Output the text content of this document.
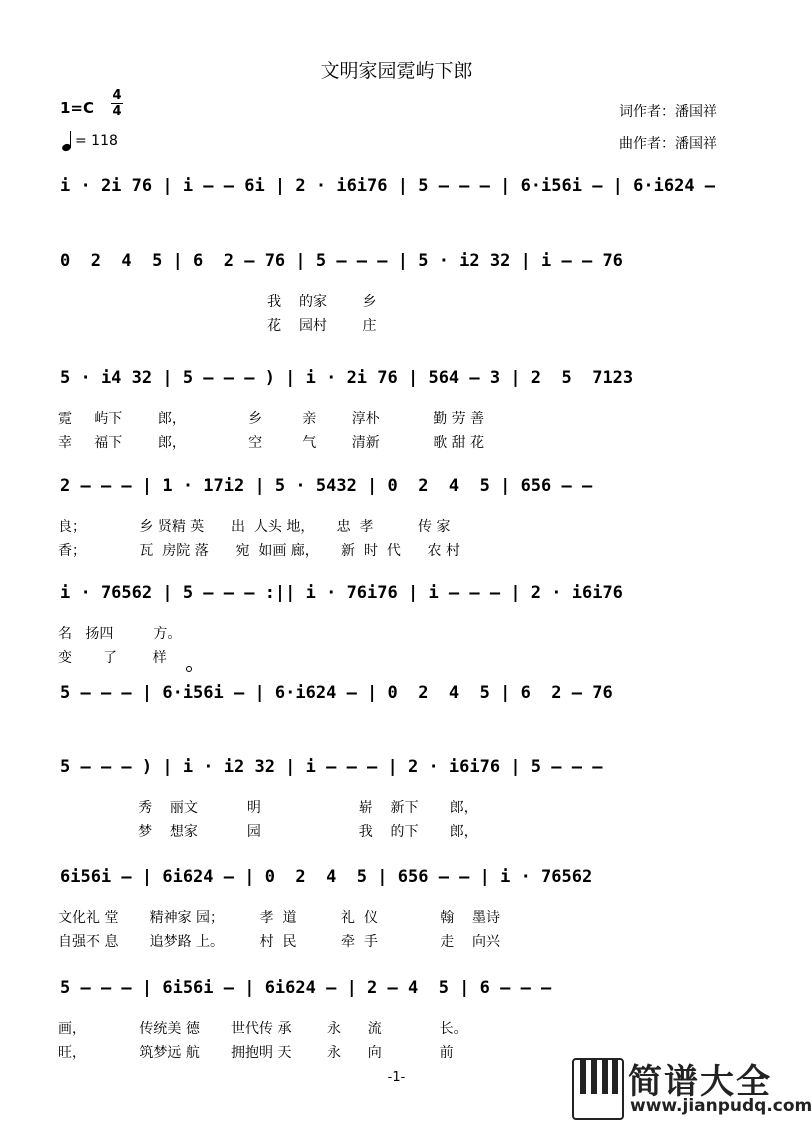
文明家园霓屿下郎
1=C
4
4
= 118
词作者：潘国祥
曲作者：潘国祥
i · 2i 76 | i — — 6i | 2 · i6i76 | 5 — — — | 6·i56i — | 6·i624 —
0  2  4  5 | 6  2 — 76 | 5 — — — | 5 · i2 32 | i — — 76
我    的家        乡
花    园村        庄
5 · i4 32 | 5 — — — ) | i · 2i 76 | 564 — 3 | 2  5  7123
霓     屿下        郎，              乡         亲        淳朴            勤 劳 善
幸     福下        郎，              空         气        清新            歌 甜 花
2 — — — | 1 · 17i2 | 5 · 5432 | 0  2  4  5 | 656 — —
良；            乡 贤精 英      出  人头 地，     忠  孝          传 家
香；            瓦  房院 落      宛  如画 廊，     新  时  代      农 村
i · 76562 | 5 — — — :|| i · 76i76 | i — — — | 2 · i6i76
名   扬四         方。
变       了        样
5 — — — | 6·i56i — | 6·i624 — | 0  2  4  5 | 6  2 — 76
5 — — — ) | i · i2 32 | i — — — | 2 · i6i76 | 5 — — —
秀    丽文           明                      崭    新下       郎，
梦    想家           园                      我    的下       郎，
6i56i — | 6i624 — | 0  2  4  5 | 656 — — | i · 76562
文化礼 堂       精神家 园；        孝  道          礼  仪              翰    墨诗
自强不 息       追梦路 上。        村  民          牵  手              走    向兴
5 — — — | 6i56i — | 6i624 — | 2 — 4  5 | 6 — — —
画，            传统美 德       世代传 承        永      流             长。
旺，            筑梦远 航       拥抱明 天        永      向             前
-1-	简谱大全
www.jianpudq.com
